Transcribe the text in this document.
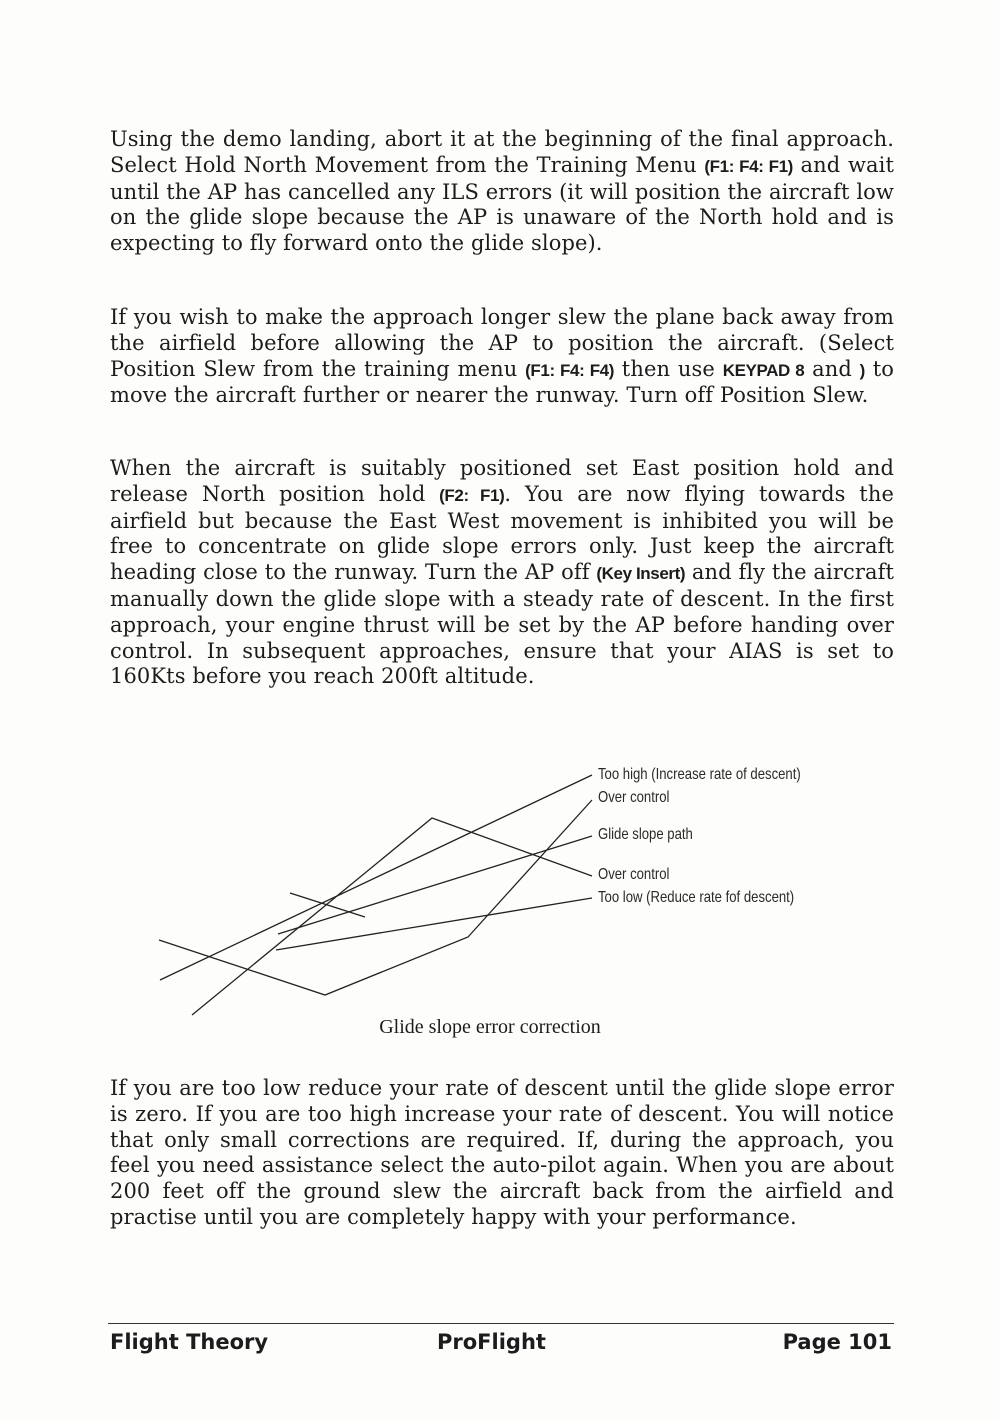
Using the demo landing, abort it at the beginning of the final approach. Select Hold North Movement from the Training Menu (F1: F4: F1) and wait until the AP has cancelled any ILS errors (it will position the aircraft low on the glide slope because the AP is unaware of the North hold and is expecting to fly forward onto the glide slope).

If you wish to make the approach longer slew the plane back away from the airfield before allowing the AP to position the aircraft. (Select Position Slew from the training menu (F1: F4: F4) then use KEYPAD 8 and ) to move the aircraft further or nearer the runway. Turn off Position Slew.

When the aircraft is suitably positioned set East position hold and release North position hold (F2: F1). You are now flying towards the airfield but because the East West movement is inhibited you will be free to concentrate on glide slope errors only. Just keep the aircraft heading close to the runway. Turn the AP off (Key Insert) and fly the aircraft manually down the glide slope with a steady rate of descent. In the first approach, your engine thrust will be set by the AP before handing over control. In subsequent approaches, ensure that your AIAS is set to 160Kts before you reach 200ft altitude.

Too high (Increase rate of descent)

Over control

Glide slope path

Over control

Too low (Reduce rate fof descent)

Glide slope error correction

If you are too low reduce your rate of descent until the glide slope error is zero. If you are too high increase your rate of descent. You will notice that only small corrections are required. If, during the approach, you feel you need assistance select the auto-pilot again. When you are about 200 feet off the ground slew the aircraft back from the airfield and practise until you are completely happy with your performance.

Flight Theory	ProFlight	Page 101
